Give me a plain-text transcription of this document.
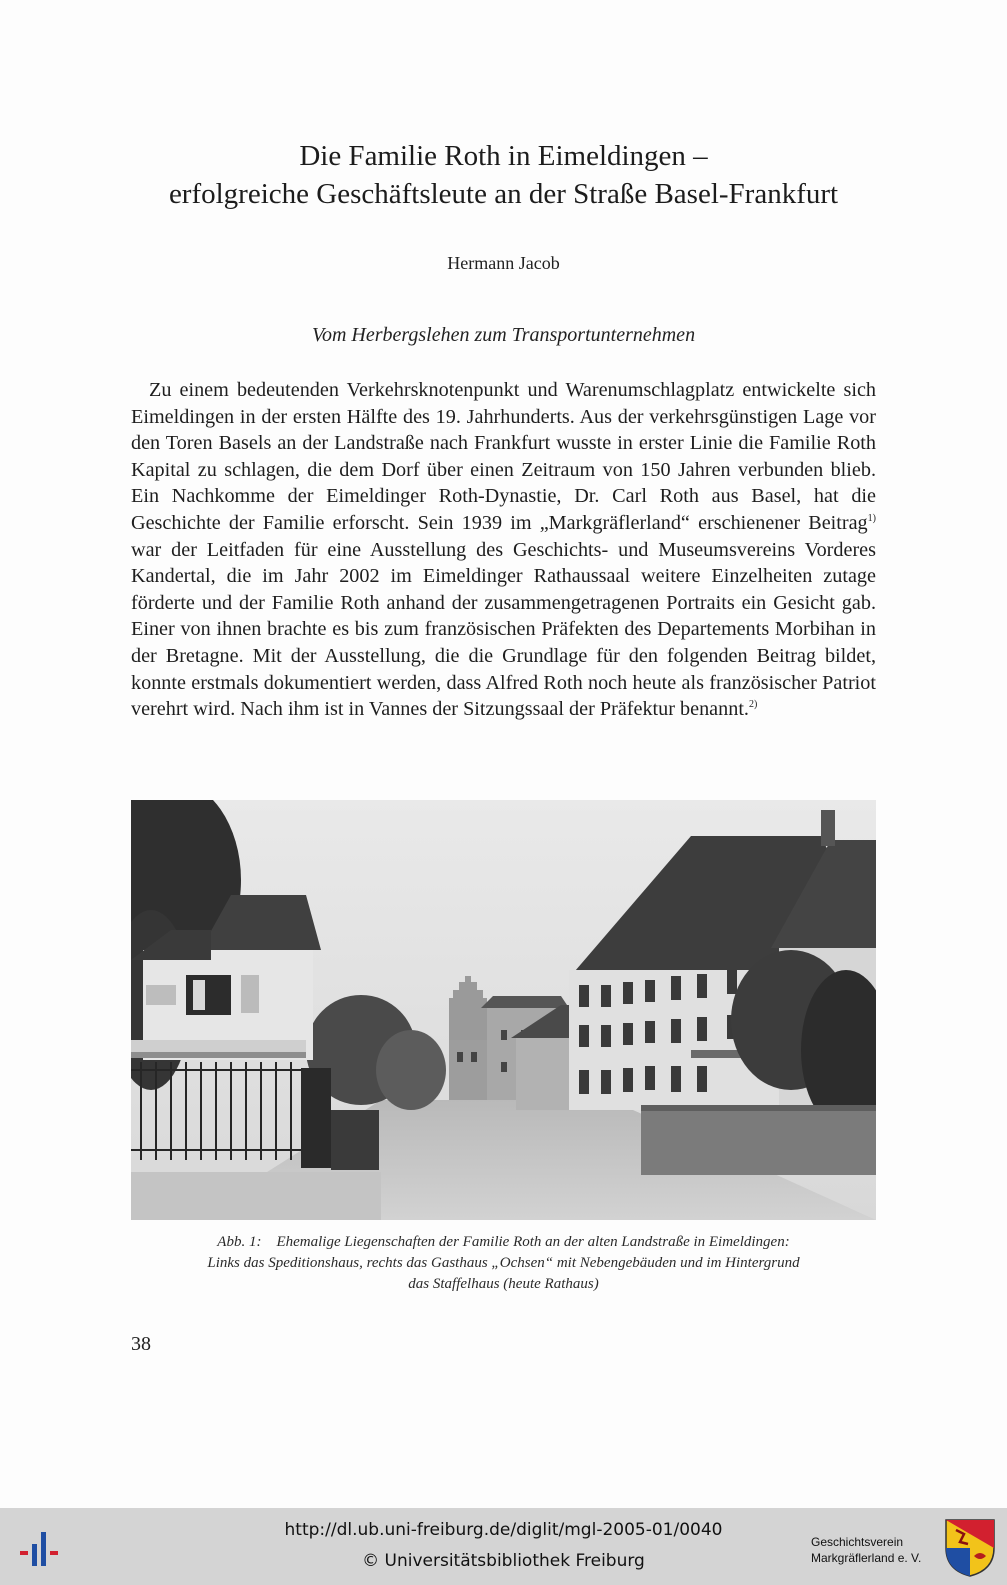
Die Familie Roth in Eimeldingen –
erfolgreiche Geschäftsleute an der Straße Basel-Frankfurt
Hermann Jacob
Vom Herbergslehen zum Transportunternehmen

Zu einem bedeutenden Verkehrsknotenpunkt und Warenumschlagplatz entwickelte sich Eimeldingen in der ersten Hälfte des 19. Jahrhunderts. Aus der verkehrsgünstigen Lage vor den Toren Basels an der Landstraße nach Frankfurt wusste in erster Linie die Familie Roth Kapital zu schlagen, die dem Dorf über einen Zeitraum von 150 Jahren verbunden blieb. Ein Nachkomme der Eimeldinger Roth-Dynastie, Dr. Carl Roth aus Basel, hat die Geschichte der Familie erforscht. Sein 1939 im „Markgräflerland“ erschienener Beitrag$^{1)}$ war der Leitfaden für eine Ausstellung des Geschichts- und Museumsvereins Vorderes Kandertal, die im Jahr 2002 im Eimeldinger Rathaussaal weitere Einzelheiten zutage förderte und der Familie Roth anhand der zusammengetragenen Portraits ein Gesicht gab. Einer von ihnen brachte es bis zum französischen Präfekten des Departements Morbihan in der Bretagne. Mit der Ausstellung, die die Grundlage für den folgenden Beitrag bildet, konnte erstmals dokumentiert werden, dass Alfred Roth noch heute als französischer Patriot verehrt wird. Nach ihm ist in Vannes der Sitzungssaal der Präfektur benannt.$^{2)}$

Abb. 1:    Ehemalige Liegenschaften der Familie Roth an der alten Landstraße in Eimeldingen:
Links das Speditionshaus, rechts das Gasthaus „Ochsen“ mit Nebengebäuden und im Hintergrund
das Staffelhaus (heute Rathaus)
38
http://dl.ub.uni-freiburg.de/diglit/mgl-2005-01/0040
© Universitätsbibliothek Freiburg
Geschichtsverein
Markgräflerland e. V.
